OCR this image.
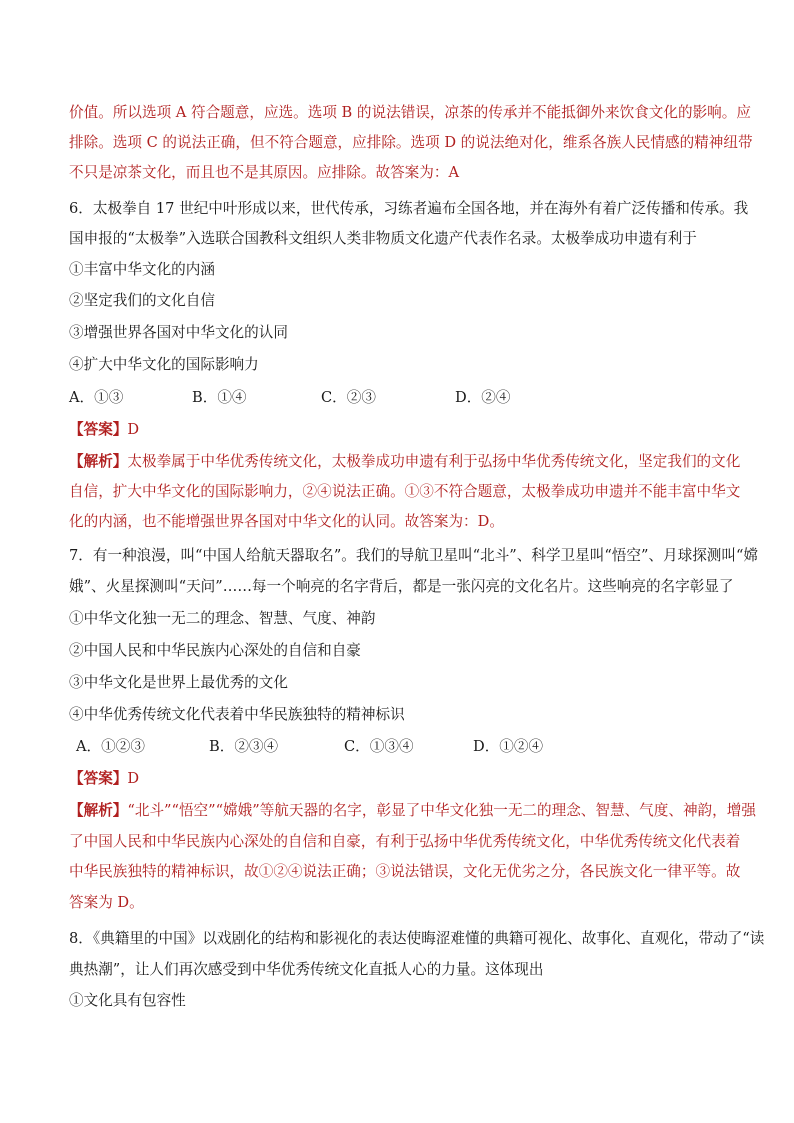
价值。所以选项 A 符合题意，应选。选项 B 的说法错误，凉茶的传承并不能抵御外来饮食文化的影响。应
排除。选项 C 的说法正确，但不符合题意，应排除。选项 D 的说法绝对化，维系各族人民情感的精神纽带
不只是凉茶文化，而且也不是其原因。应排除。故答案为：A
6．太极拳自 17 世纪中叶形成以来，世代传承，习练者遍布全国各地，并在海外有着广泛传播和传承。我
国申报的“太极拳”入选联合国教科文组织人类非物质文化遗产代表作名录。太极拳成功申遗有利于
①丰富中华文化的内涵
②坚定我们的文化自信
③增强世界各国对中华文化的认同
④扩大中华文化的国际影响力
A．①③	B．①④	C．②③	D．②④
【答案】D
【解析】太极拳属于中华优秀传统文化，太极拳成功申遗有利于弘扬中华优秀传统文化，坚定我们的文化
自信，扩大中华文化的国际影响力，②④说法正确。①③不符合题意，太极拳成功申遗并不能丰富中华文
化的内涵，也不能增强世界各国对中华文化的认同。故答案为：D。
7．有一种浪漫，叫“中国人给航天器取名”。我们的导航卫星叫“北斗”、科学卫星叫“悟空”、月球探测叫“嫦
娥”、火星探测叫“天问”……每一个响亮的名字背后，都是一张闪亮的文化名片。这些响亮的名字彰显了
①中华文化独一无二的理念、智慧、气度、神韵
②中国人民和中华民族内心深处的自信和自豪
③中华文化是世界上最优秀的文化
④中华优秀传统文化代表着中华民族独特的精神标识
A．①②③	B．②③④	C．①③④	D．①②④
【答案】D
【解析】“北斗”“悟空”“嫦娥”等航天器的名字，彰显了中华文化独一无二的理念、智慧、气度、神韵，增强
了中国人民和中华民族内心深处的自信和自豪，有利于弘扬中华优秀传统文化，中华优秀传统文化代表着
中华民族独特的精神标识，故①②④说法正确；③说法错误，文化无优劣之分，各民族文化一律平等。故
答案为 D。
8．《典籍里的中国》以戏剧化的结构和影视化的表达使晦涩难懂的典籍可视化、故事化、直观化，带动了“读
典热潮”，让人们再次感受到中华优秀传统文化直抵人心的力量。这体现出
①文化具有包容性
